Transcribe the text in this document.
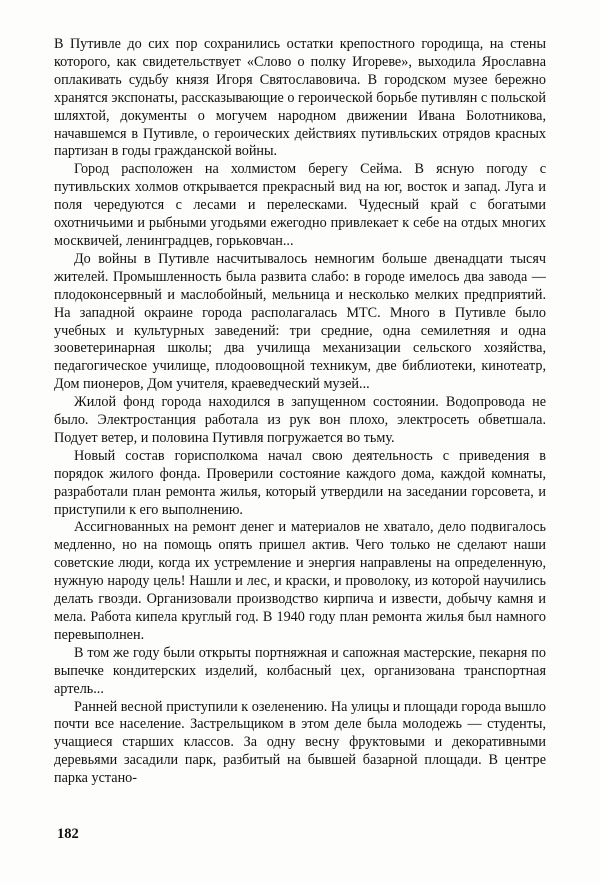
В Путивле до сих пор сохранились остатки крепостного городища, на стены которого, как свидетельствует «Слово о полку Игореве», выходила Ярославна оплакивать судьбу князя Игоря Святославовича. В городском музее бережно хранятся экспонаты, рассказывающие о героической борьбе путивлян с польской шляхтой, документы о могучем народном движении Ивана Болотникова, начавшемся в Путивле, о героических действиях путивльских отрядов красных партизан в годы гражданской войны.

Город расположен на холмистом берегу Сейма. В ясную погоду с путивльских холмов открывается прекрасный вид на юг, восток и запад. Луга и поля чередуются с лесами и перелесками. Чудесный край с богатыми охотничьими и рыбными угодьями ежегодно привлекает к себе на отдых многих москвичей, ленинградцев, горьковчан...

До войны в Путивле насчитывалось немногим больше двенадцати тысяч жителей. Промышленность была развита слабо: в городе имелось два завода — плодоконсервный и маслобойный, мельница и несколько мелких предприятий. На западной окраине города располагалась МТС. Много в Путивле было учебных и культурных заведений: три средние, одна семилетняя и одна зооветеринарная школы; два училища механизации сельского хозяйства, педагогическое училище, плодоовощной техникум, две библиотеки, кинотеатр, Дом пионеров, Дом учителя, краеведческий музей...

Жилой фонд города находился в запущенном состоянии. Водопровода не было. Электростанция работала из рук вон плохо, электросеть обветшала. Подует ветер, и половина Путивля погружается во тьму.

Новый состав горисполкома начал свою деятельность с приведения в порядок жилого фонда. Проверили состояние каждого дома, каждой комнаты, разработали план ремонта жилья, который утвердили на заседании горсовета, и приступили к его выполнению.

Ассигнованных на ремонт денег и материалов не хватало, дело подвигалось медленно, но на помощь опять пришел актив. Чего только не сделают наши советские люди, когда их устремление и энергия направлены на определенную, нужную народу цель! Нашли и лес, и краски, и проволоку, из которой научились делать гвозди. Организовали производство кирпича и извести, добычу камня и мела. Работа кипела круглый год. В 1940 году план ремонта жилья был намного перевыполнен.

В том же году были открыты портняжная и сапожная мастерские, пекарня по выпечке кондитерских изделий, колбасный цех, организована транспортная артель...

Ранней весной приступили к озеленению. На улицы и площади города вышло почти все население. Застрельщиком в этом деле была молодежь — студенты, учащиеся старших классов. За одну весну фруктовыми и декоративными деревьями засадили парк, разбитый на бывшей базарной площади. В центре парка устано-

182
